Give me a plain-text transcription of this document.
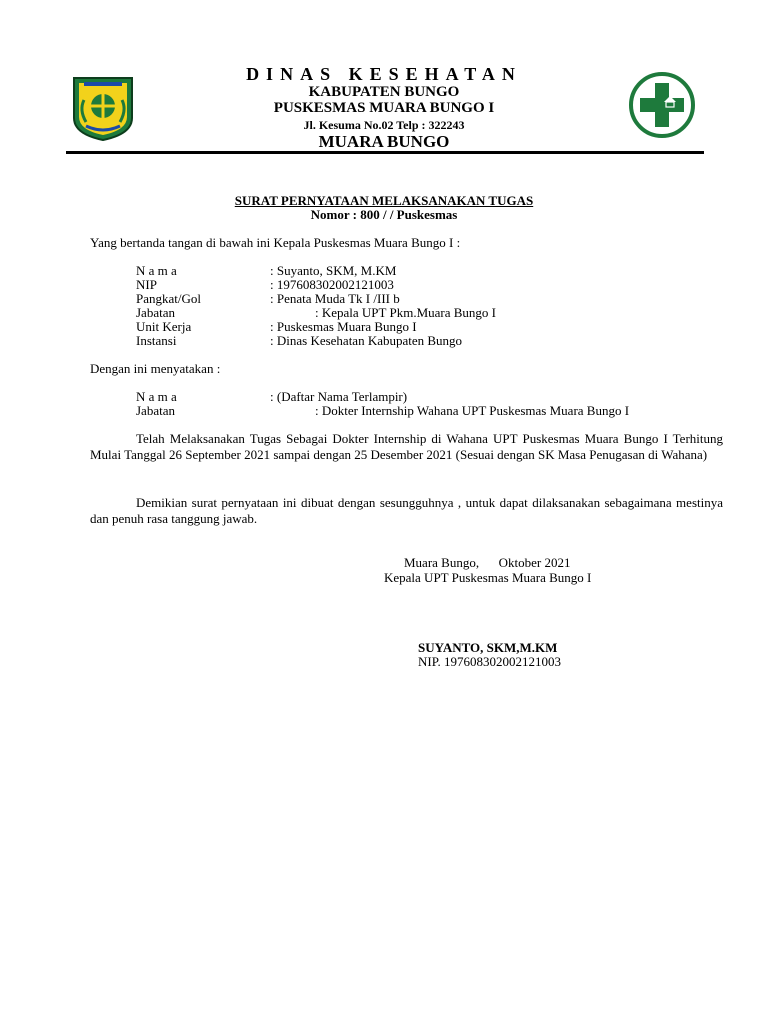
DINAS KESEHATAN
KABUPATEN BUNGO
PUSKESMAS MUARA BUNGO I
Jl. Kesuma No.02 Telp : 322243
MUARA BUNGO
SURAT PERNYATAAN MELAKSANAKAN TUGAS
Nomor : 800 / / Puskesmas
Yang bertanda tangan di bawah ini Kepala Puskesmas Muara Bungo I :
N a m a	: Suyanto, SKM, M.KM
NIP	: 197608302002121003
Pangkat/Gol	: Penata Muda Tk I /III b
Jabatan	: Kepala UPT Pkm.Muara Bungo I
Unit Kerja	: Puskesmas Muara Bungo I
Instansi	: Dinas Kesehatan Kabupaten Bungo
Dengan ini menyatakan :
N a m a	: (Daftar Nama Terlampir)
Jabatan	: Dokter Internship Wahana UPT Puskesmas Muara Bungo I
Telah Melaksanakan Tugas Sebagai Dokter Internship di Wahana UPT Puskesmas Muara Bungo I Terhitung Mulai Tanggal 26 September 2021 sampai dengan 25 Desember 2021 (Sesuai dengan SK Masa Penugasan di Wahana)
Demikian surat pernyataan ini dibuat dengan sesungguhnya , untuk dapat dilaksanakan sebagaimana mestinya dan penuh rasa tanggung jawab.
Muara Bungo,      Oktober 2021
Kepala UPT Puskesmas Muara Bungo I
SUYANTO, SKM,M.KM
NIP. 197608302002121003
